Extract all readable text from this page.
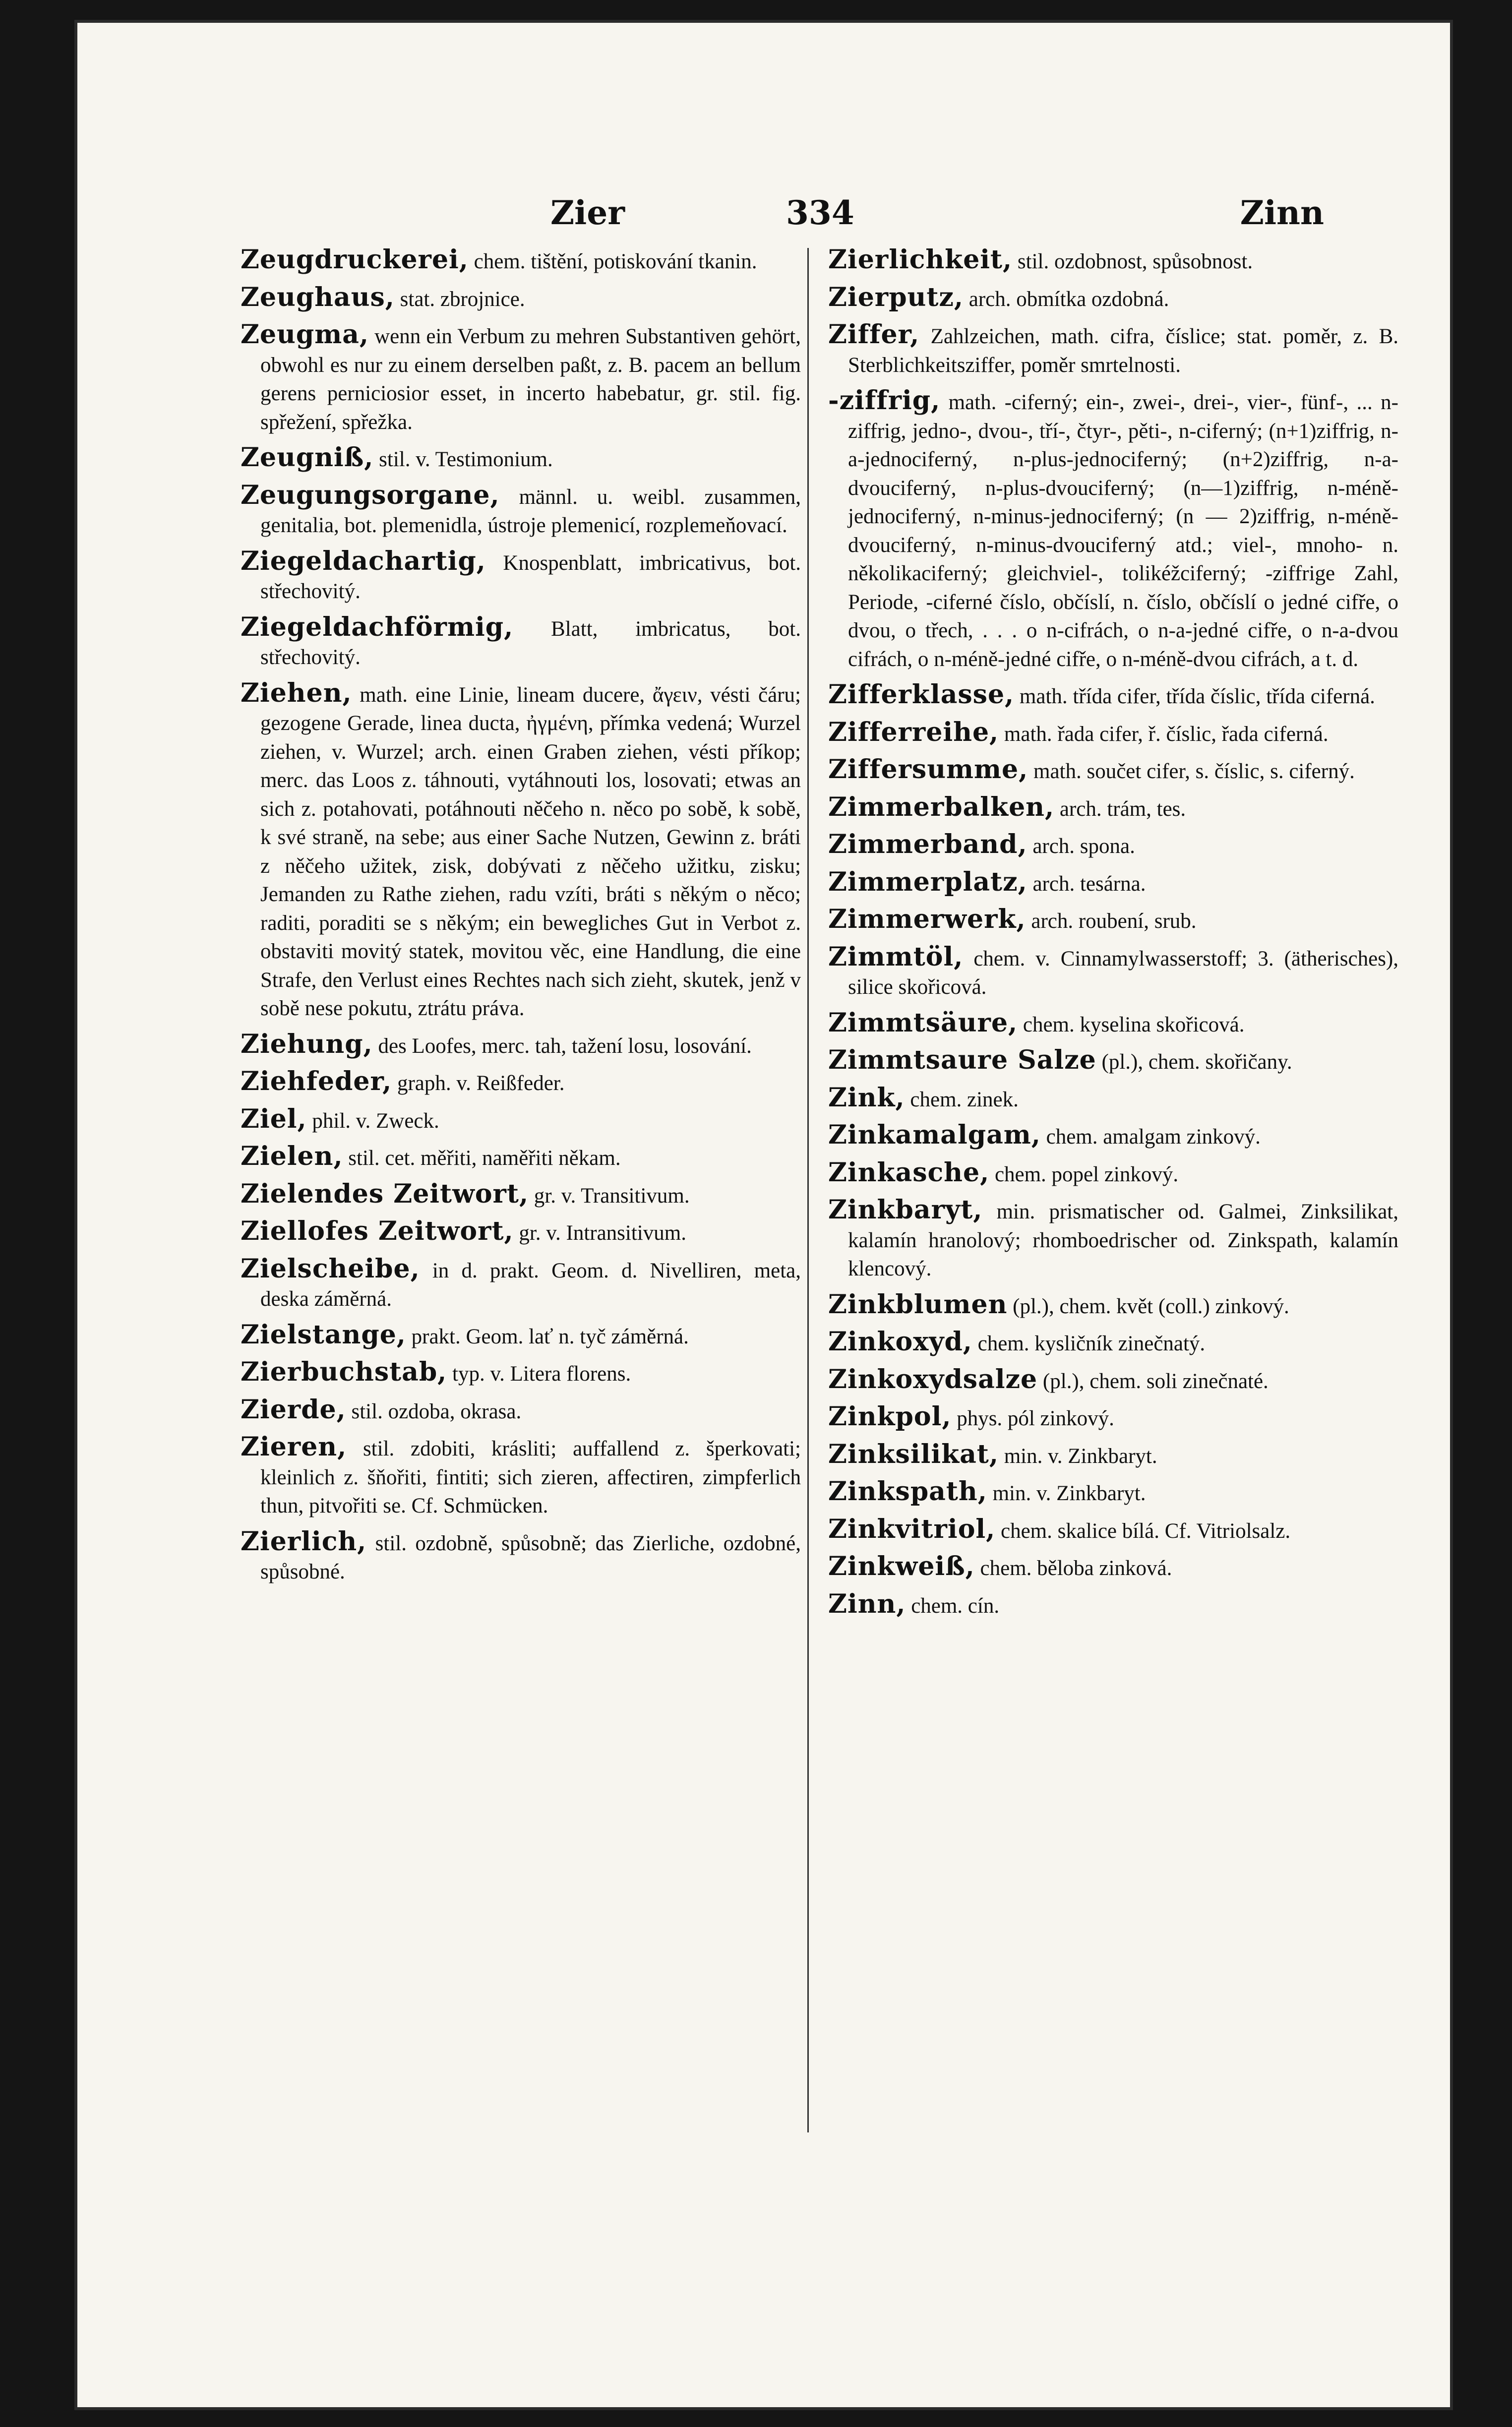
Zier	334	Zinn

Zeugdruckerei, chem. tištění, potiskování tkanin.

Zeughaus, stat. zbrojnice.

Zeugma, wenn ein Verbum zu mehren Substantiven gehört, obwohl es nur zu einem derselben paßt, z. B. pacem an bellum gerens perniciosior esset, in incerto habebatur, gr. stil. fig. spřežení, spřežka.

Zeugniß, stil. v. Testimonium.

Zeugungsorgane, männl. u. weibl. zusammen, genitalia, bot. plemenidla, ústroje plemenicí, rozplemeňovací.

Ziegeldachartig, Knospenblatt, imbricativus, bot. střechovitý.

Ziegeldachförmig, Blatt, imbricatus, bot. střechovitý.

Ziehen, math. eine Linie, lineam ducere, ἄγειν, vésti čáru; gezogene Gerade, linea ducta, ἠγμένη, přímka vedená; Wurzel ziehen, v. Wurzel; arch. einen Graben ziehen, vésti příkop; merc. das Loos z. táhnouti, vytáhnouti los, losovati; etwas an sich z. potahovati, potáhnouti něčeho n. něco po sobě, k sobě, k své straně, na sebe; aus einer Sache Nutzen, Gewinn z. bráti z něčeho užitek, zisk, dobývati z něčeho užitku, zisku; Jemanden zu Rathe ziehen, radu vzíti, bráti s někým o něco; raditi, poraditi se s někým; ein bewegliches Gut in Verbot z. obstaviti movitý statek, movitou věc, eine Handlung, die eine Strafe, den Verlust eines Rechtes nach sich zieht, skutek, jenž v sobě nese pokutu, ztrátu práva.

Ziehung, des Loofes, merc. tah, tažení losu, losování.

Ziehfeder, graph. v. Reißfeder.

Ziel, phil. v. Zweck.

Zielen, stil. cet. měřiti, naměřiti někam.

Zielendes Zeitwort, gr. v. Transitivum.

Ziellofes Zeitwort, gr. v. Intransitivum.

Zielscheibe, in d. prakt. Geom. d. Nivelliren, meta, deska záměrná.

Zielstange, prakt. Geom. lať n. tyč záměrná.

Zierbuchstab, typ. v. Litera florens.

Zierde, stil. ozdoba, okrasa.

Zieren, stil. zdobiti, krásliti; auffallend z. šperkovati; kleinlich z. šňořiti, fintiti; sich zieren, affectiren, zimpferlich thun, pitvořiti se. Cf. Schmücken.

Zierlich, stil. ozdobně, spůsobně; das Zierliche, ozdobné, spůsobné.

Zierlichkeit, stil. ozdobnost, spůsobnost.

Zierputz, arch. obmítka ozdobná.

Ziffer, Zahlzeichen, math. cifra, číslice; stat. poměr, z. B. Sterblichkeitsziffer, poměr smrtelnosti.

-ziffrig, math. -ciferný; ein-, zwei-, drei-, vier-, fünf-, ... n-ziffrig, jedno-, dvou-, tří-, čtyr-, pěti-, n-ciferný; (n+1)ziffrig, n-a-jednociferný, n-plus-jednociferný; (n+2)ziffrig, n-a-dvouciferný, n-plus-dvouciferný; (n—1)ziffrig, n-méně-jednociferný, n-minus-jednociferný; (n — 2)ziffrig, n-méně-dvouciferný, n-minus-dvouciferný atd.; viel-, mnoho- n. několikaciferný; gleichviel-, tolikéžciferný; -ziffrige Zahl, Periode, -ciferné číslo, občíslí, n. číslo, občíslí o jedné cifře, o dvou, o třech, . . . o n-cifrách, o n-a-jedné cifře, o n-a-dvou cifrách, o n-méně-jedné cifře, o n-méně-dvou cifrách, a t. d.

Zifferklasse, math. třída cifer, třída číslic, třída ciferná.

Zifferreihe, math. řada cifer, ř. číslic, řada ciferná.

Ziffersumme, math. součet cifer, s. číslic, s. ciferný.

Zimmerbalken, arch. trám, tes.

Zimmerband, arch. spona.

Zimmerplatz, arch. tesárna.

Zimmerwerk, arch. roubení, srub.

Zimmtöl, chem. v. Cinnamylwasserstoff; 3. (ätherisches), silice skořicová.

Zimmtsäure, chem. kyselina skořicová.

Zimmtsaure Salze (pl.), chem. skořičany.

Zink, chem. zinek.

Zinkamalgam, chem. amalgam zinkový.

Zinkasche, chem. popel zinkový.

Zinkbaryt, min. prismatischer od. Galmei, Zinksilikat, kalamín hranolový; rhomboedrischer od. Zinkspath, kalamín klencový.

Zinkblumen (pl.), chem. květ (coll.) zinkový.

Zinkoxyd, chem. kysličník zinečnatý.

Zinkoxydsalze (pl.), chem. soli zinečnaté.

Zinkpol, phys. pól zinkový.

Zinksilikat, min. v. Zinkbaryt.

Zinkspath, min. v. Zinkbaryt.

Zinkvitriol, chem. skalice bílá. Cf. Vitriolsalz.

Zinkweiß, chem. běloba zinková.

Zinn, chem. cín.
